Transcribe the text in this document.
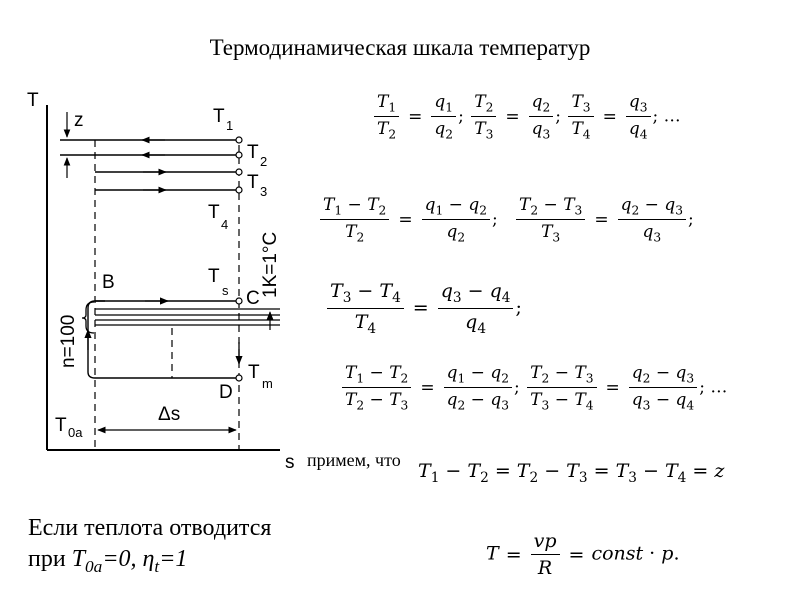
Термодинамическая шкала температур
T
s
z	T 1
T 2
T 3
T
4
T
s
T
m
T 0a
1K=1°C
B
C
D
n=100
Δs
$\frac{T_1}{T_2} = \frac{q_1}{q_2}$ ; $\frac{T_2}{T_3} = \frac{q_2}{q_3}$ ; $\frac{T_3}{T_4} = \frac{q_3}{q_4}$ ; …
$\frac{T_1 - T_2}{T_2} = \frac{q_1 - q_2}{q_2}$ ; $\frac{T_2 - T_3}{T_3} = \frac{q_2 - q_3}{q_3}$ ;
$\frac{T_3 - T_4}{T_4} = \frac{q_3 - q_4}{q_4}$ ;
$\frac{T_1 - T_2}{T_2 - T_3} = \frac{q_1 - q_2}{q_2 - q_3}$ ; $\frac{T_2 - T_3}{T_3 - T_4} = \frac{q_2 - q_3}{q_3 - q_4}$ ; …
$T_1 - T_2 = T_2 - T_3 = T_3 - T_4 = z$
$T = \frac{vp}{R}$ = const · p.
примем, что
Если теплота отводится
при $T_{0a}=0$, $\eta_t=1$
